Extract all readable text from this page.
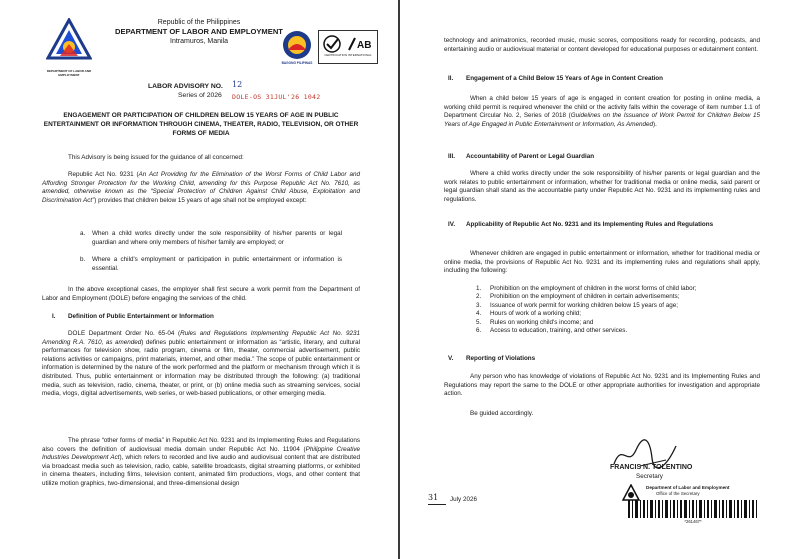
DEPARTMENT OF LABOR AND EMPLOYMENT

Republic of the Philippines

DEPARTMENT OF LABOR AND EMPLOYMENT

Intramuros, Manila

BAGONG PILIPINAS
AB
CERTIFICATION INTERNATIONAL

LABOR ADVISORY NO. 12

Series of 2026 DOLE-OS 31JUL'26 1042

ENGAGEMENT OR PARTICIPATION OF CHILDREN BELOW 15 YEARS OF AGE IN PUBLIC ENTERTAINMENT OR INFORMATION THROUGH CINEMA, THEATER, RADIO, TELEVISION, OR OTHER FORMS OF MEDIA

This Advisory is being issued for the guidance of all concerned:

Republic Act No. 9231 (An Act Providing for the Elimination of the Worst Forms of Child Labor and Affording Stronger Protection for the Working Child, amending for this Purpose Republic Act No. 7610, as amended, otherwise known as the “Special Protection of Children Against Child Abuse, Exploitation and Discrimination Act”) provides that children below 15 years of age shall not be employed except:

a. When a child works directly under the sole responsibility of his/her parents or legal guardian and where only members of his/her family are employed; or

b. Where a child's employment or participation in public entertainment or information is essential.

In the above exceptional cases, the employer shall first secure a work permit from the Department of Labor and Employment (DOLE) before engaging the services of the child.

I. Definition of Public Entertainment or Information

DOLE Department Order No. 65-04 (Rules and Regulations Implementing Republic Act No. 9231 Amending R.A. 7610, as amended) defines public entertainment or information as “artistic, literary, and cultural performances for television show, radio program, cinema or film, theater, commercial advertisement, public relations activities or campaigns, print materials, internet, and other media.” The scope of public entertainment or information is determined by the nature of the work performed and the platform or mechanism through which it is distributed. Thus, public entertainment or information may be distributed through the following: (a) traditional media, such as television, radio, cinema, theater, or print, or (b) online media such as streaming services, social media, vlogs, digital advertisements, web series, or web-based publications, or other emerging media.

The phrase “other forms of media” in Republic Act No. 9231 and its Implementing Rules and Regulations also covers the definition of audiovisual media domain under Republic Act No. 11904 (Philippine Creative Industries Development Act), which refers to recorded and live audio and audiovisual content that are distributed via broadcast media such as television, radio, cable, satellite broadcasts, digital streaming platforms, or exhibited in cinema theaters, including films, television content, animated film productions, vlogs, and other content that utilize motion graphics, two-dimensional, and three-dimensional design

technology and animatronics, recorded music, music scores, compositions ready for recording, podcasts, and entertaining audio or audiovisual material or content developed for educational purposes or edutainment content.

II. Engagement of a Child Below 15 Years of Age in Content Creation

When a child below 15 years of age is engaged in content creation for posting in online media, a working child permit is required whenever the child or the activity falls within the coverage of item number 1.1 of Department Circular No. 2, Series of 2018 (Guidelines on the Issuance of Work Permit for Children Below 15 Years of Age Engaged in Public Entertainment or Information, As Amended).

III. Accountability of Parent or Legal Guardian

Where a child works directly under the sole responsibility of his/her parents or legal guardian and the work relates to public entertainment or information, whether for traditional media or online media, said parent or legal guardian shall stand as the accountable party under Republic Act No. 9231 and its implementing rules and regulations.

IV. Applicability of Republic Act No. 9231 and its Implementing Rules and Regulations

Whenever children are engaged in public entertainment or information, whether for traditional media or online media, the provisions of Republic Act No. 9231 and its implementing rules and regulations shall apply, including the following:

1. Prohibition on the employment of children in the worst forms of child labor;
2. Prohibition on the employment of children in certain advertisements;
3. Issuance of work permit for working children below 15 years of age;
4. Hours of work of a working child;
5. Rules on working child's income; and
6. Access to education, training, and other services.

V. Reporting of Violations

Any person who has knowledge of violations of Republic Act No. 9231 and its Implementing Rules and Regulations may report the same to the DOLE or other appropriate authorities for investigation and appropriate action.

Be guided accordingly.

FRANCIS N. TOLENTINO

Secretary

31 July 2026

Department of Labor and Employment

Office of the Secretary

*261467*
